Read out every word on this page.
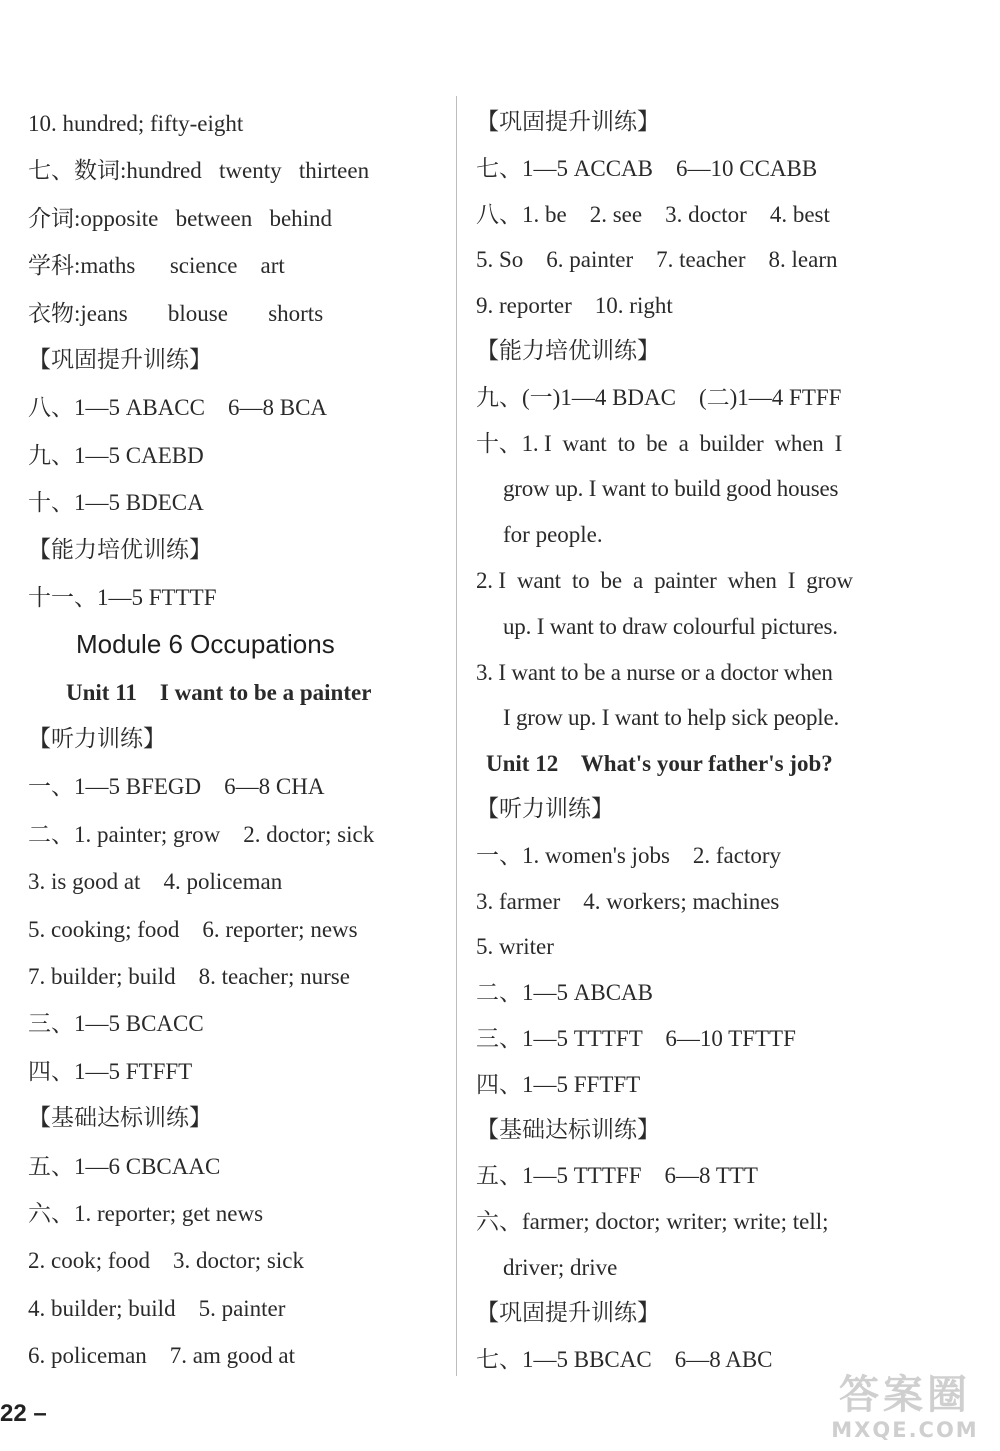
10. hundred; fifty-eight
七、数词:hundred   twenty   thirteen
介词:opposite   between   behind
学科:maths      science    art
衣物:jeans       blouse       shorts
【巩固提升训练】
八、1—5 ABACC    6—8 BCA
九、1—5 CAEBD
十、1—5 BDECA
【能力培优训练】
十一、1—5 FTTTF
Module 6 Occupations
Unit 11    I want to be a painter
【听力训练】
一、1—5 BFEGD    6—8 CHA
二、1. painter; grow    2. doctor; sick
3. is good at    4. policeman
5. cooking; food    6. reporter; news
7. builder; build    8. teacher; nurse
三、1—5 BCACC
四、1—5 FTFFT
【基础达标训练】
五、1—6 CBCAAC
六、1. reporter; get news
2. cook; food    3. doctor; sick
4. builder; build    5. painter
6. policeman    7. am good at
【巩固提升训练】
七、1—5 ACCAB    6—10 CCABB
八、1. be    2. see    3. doctor    4. best
5. So    6. painter    7. teacher    8. learn
9. reporter    10. right
【能力培优训练】
九、(一)1—4 BDAC    (二)1—4 FTFF
十、1. I  want  to  be  a  builder  when  I
grow up. I want to build good houses
for people.
2. I  want  to  be  a  painter  when  I  grow
up. I want to draw colourful pictures.
3. I want to be a nurse or a doctor when
I grow up. I want to help sick people.
Unit 12    What's your father's job?
【听力训练】
一、1. women's jobs    2. factory
3. farmer    4. workers; machines
5. writer
二、1—5 ABCAB
三、1—5 TTTFT    6—10 TFTTF
四、1—5 FFTFT
【基础达标训练】
五、1—5 TTTFF    6—8 TTT
六、farmer; doctor; writer; write; tell;
driver; drive
【巩固提升训练】
七、1—5 BBCAC    6—8 ABC
22 –	答案圈
MXQE.COM
